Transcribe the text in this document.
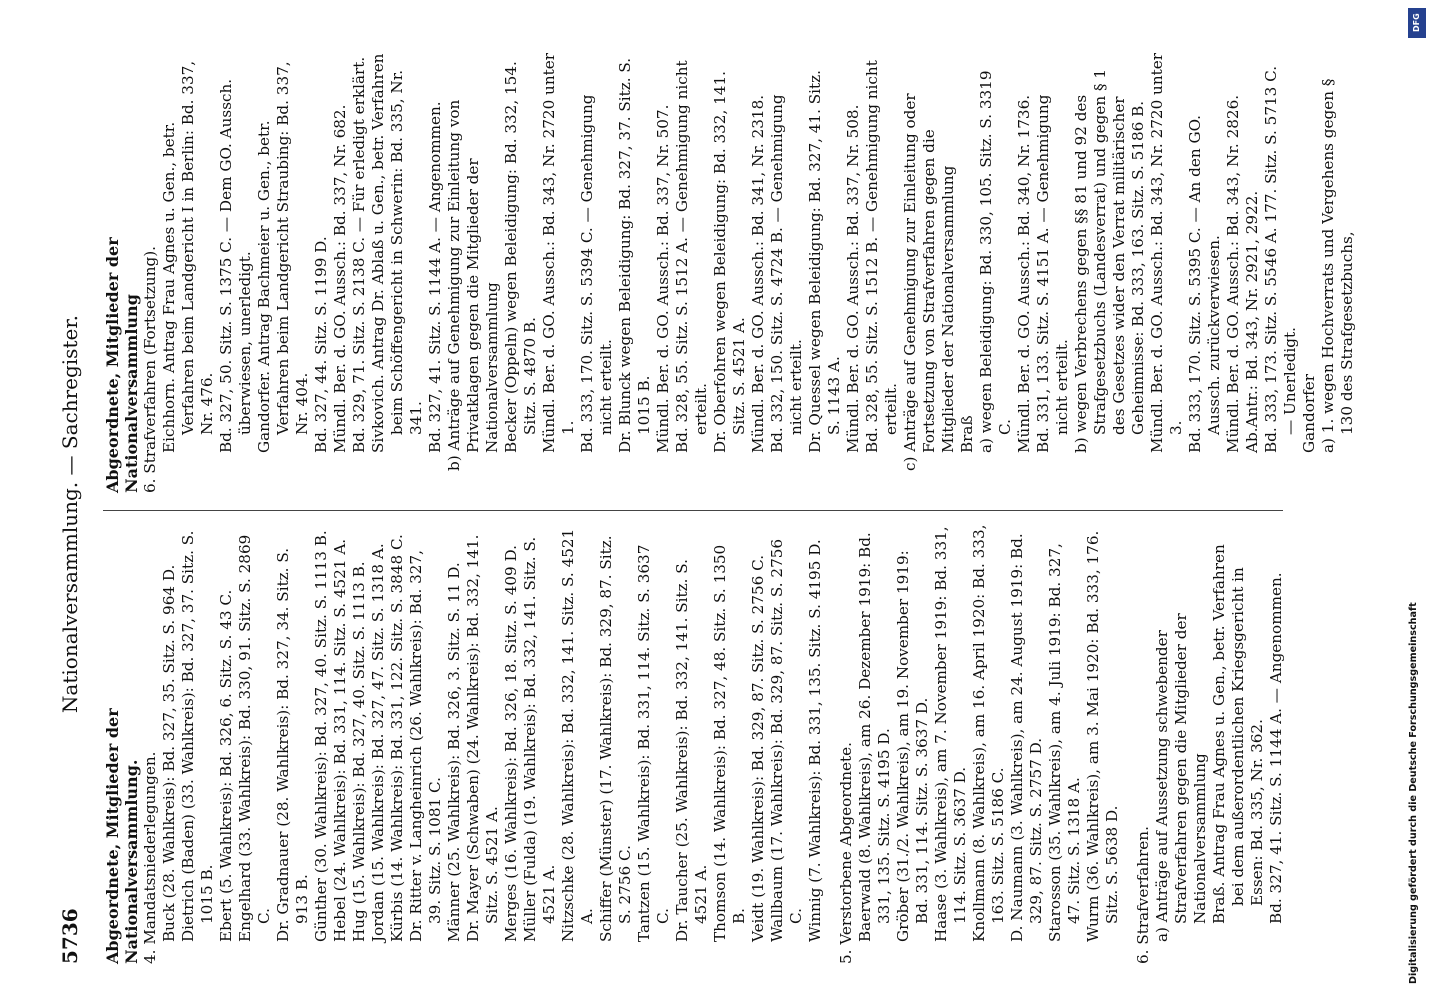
5736
Nationalversammlung. — Sachregister.
Abgeordnete, Mitglieder der Nationalversammlung. 4. Mandatsniederlegungen. Buck (28. Wahlkreis): Bd. 327, 35. Sitz. S. 964 D. Dietrich (Baden) (33. Wahlkreis): Bd. 327, 37. Sitz. S. 1015 B. Ebert (5. Wahlkreis): Bd. 326, 6. Sitz. S. 43 C. Engelhard (33. Wahlkreis): Bd. 330, 91. Sitz. S. 2869 C. Dr. Gradnauer (28. Wahlkreis): Bd. 327, 34. Sitz. S. 913 B. Günther (30. Wahlkreis): Bd. 327, 40. Sitz. S. 1113 B. Hebel (24. Wahlkreis): Bd. 331, 114. Sitz. S. 4521 A. Hug (15. Wahlkreis): Bd. 327, 40. Sitz. S. 1113 B. Jordan (15. Wahlkreis): Bd. 327, 47. Sitz. S. 1318 A. Kürbis (14. Wahlkreis): Bd. 331, 122. Sitz. S. 3848 C. Dr. Ritter v. Langheinrich (26. Wahlkreis): Bd. 327, 39. Sitz. S. 1081 C. Männer (25. Wahlkreis): Bd. 326, 3. Sitz. S. 11 D. Dr. Mayer (Schwaben) (24. Wahlkreis): Bd. 332, 141. Sitz. S. 4521 A. Merges (16. Wahlkreis): Bd. 326, 18. Sitz. S. 409 D. Müller (Fulda) (19. Wahlkreis): Bd. 332, 141. Sitz. S. 4521 A. Nitzschke (28. Wahlkreis): Bd. 332, 141. Sitz. S. 4521 A. Schiffer (Münster) (17. Wahlkreis): Bd. 329, 87. Sitz. S. 2756 C. Tantzen (15. Wahlkreis): Bd. 331, 114. Sitz. S. 3637 C. Dr. Taucher (25. Wahlkreis): Bd. 332, 141. Sitz. S. 4521 A. Thomson (14. Wahlkreis): Bd. 327, 48. Sitz. S. 1350 B. Veidt (19. Wahlkreis): Bd. 329, 87. Sitz. S. 2756 C. Wallbaum (17. Wahlkreis): Bd. 329, 87. Sitz. S. 2756 C. Winnig (7. Wahlkreis): Bd. 331, 135. Sitz. S. 4195 D. 5. Verstorbene Abgeordnete. Baerwald (8. Wahlkreis), am 26. Dezember 1919: Bd. 331, 135. Sitz. S. 4195 D. Gröber (31./2. Wahlkreis), am 19. November 1919: Bd. 331, 114. Sitz. S. 3637 D. Haase (3. Wahlkreis), am 7. November 1919: Bd. 331, 114. Sitz. S. 3637 D. Knollmann (8. Wahlkreis), am 16. April 1920: Bd. 333, 163. Sitz. S. 5186 C. D. Naumann (3. Wahlkreis), am 24. August 1919: Bd. 329, 87. Sitz. S. 2757 D. Starosson (35. Wahlkreis), am 4. Juli 1919: Bd. 327, 47. Sitz. S. 1318 A. Wurm (36. Wahlkreis), am 3. Mai 1920: Bd. 333, 176. Sitz. S. 5638 D. 6. Strafverfahren. a) Anträge auf Aussetzung schwebender Strafverfahren gegen die Mitglieder der Nationalversammlung Braß. Antrag Frau Agnes u. Gen., betr. Verfahren bei dem außerordentlichen Kriegsgericht in Essen: Bd. 335, Nr. 362. Bd. 327, 41. Sitz. S. 1144 A. — Angenommen.
Abgeordnete, Mitglieder der Nationalversammlung 6. Strafverfahren (Fortsetzung). Eichhorn. Antrag Frau Agnes u. Gen., betr. Verfahren beim Landgericht I in Berlin: Bd. 337, Nr. 476. Bd. 327, 50. Sitz. S. 1375 C. — Dem GO. Aussch. überwiesen, unerledigt. Gandorfer. Antrag Bachmeier u. Gen., betr. Verfahren beim Landgericht Straubing: Bd. 337, Nr. 404. Bd. 327, 44. Sitz. S. 1199 D. Mündl. Ber. d. GO. Aussch.: Bd. 337, Nr. 682. Bd. 329, 71. Sitz. S. 2138 C. — Für erledigt erklärt. Sivkovich. Antrag Dr. Ablaß u. Gen., betr. Verfahren beim Schöffengericht in Schwerin: Bd. 335, Nr. 341. Bd. 327, 41. Sitz. S. 1144 A. — Angenommen. b) Anträge auf Genehmigung zur Einleitung von Privatklagen gegen die Mitglieder der Nationalversammlung Becker (Oppeln) wegen Beleidigung: Bd. 332, 154. Sitz. S. 4870 B. Mündl. Ber. d. GO. Aussch.: Bd. 343, Nr. 2720 unter 1. Bd. 333, 170. Sitz. S. 5394 C. — Genehmigung nicht erteilt. Dr. Blunck wegen Beleidigung: Bd. 327, 37. Sitz. S. 1015 B. Mündl. Ber. d. GO. Aussch.: Bd. 337, Nr. 507. Bd. 328, 55. Sitz. S. 1512 A. — Genehmigung nicht erteilt. Dr. Oberfohren wegen Beleidigung: Bd. 332, 141. Sitz. S. 4521 A. Mündl. Ber. d. GO. Aussch.: Bd. 341, Nr. 2318. Bd. 332, 150. Sitz. S. 4724 B. — Genehmigung nicht erteilt. Dr. Quessel wegen Beleidigung: Bd. 327, 41. Sitz. S. 1143 A. Mündl. Ber. d. GO. Aussch.: Bd. 337, Nr. 508. Bd. 328, 55. Sitz. S. 1512 B. — Genehmigung nicht erteilt. c) Anträge auf Genehmigung zur Einleitung oder Fortsetzung von Strafverfahren gegen die Mitglieder der Nationalversammlung Braß a) wegen Beleidigung: Bd. 330, 105. Sitz. S. 3319 C. Mündl. Ber. d. GO. Aussch.: Bd. 340, Nr. 1736. Bd. 331, 133. Sitz. S. 4151 A. — Genehmigung nicht erteilt. b) wegen Verbrechens gegen §§ 81 und 92 des Strafgesetzbuchs (Landesverrat) und gegen § 1 des Gesetzes wider den Verrat militärischer Geheimnisse: Bd. 333, 163. Sitz. S. 5186 B. Mündl. Ber. d. GO. Aussch.: Bd. 343, Nr. 2720 unter 3. Bd. 333, 170. Sitz. S. 5395 C. — An den GO. Aussch. zurückverwiesen. Mündl. Ber. d. GO. Aussch.: Bd. 343, Nr. 2826. Ab.Antr.: Bd. 343, Nr. 2921, 2922. Bd. 333, 173. Sitz. S. 5546 A. 177. Sitz. S. 5713 C. — Unerledigt. Gandorfer a) 1. wegen Hochverrats und Vergehens gegen § 130 des Strafgesetzbuchs,
DFG
Digitalisierung gefördert durch die Deutsche Forschungsgemeinschaft
